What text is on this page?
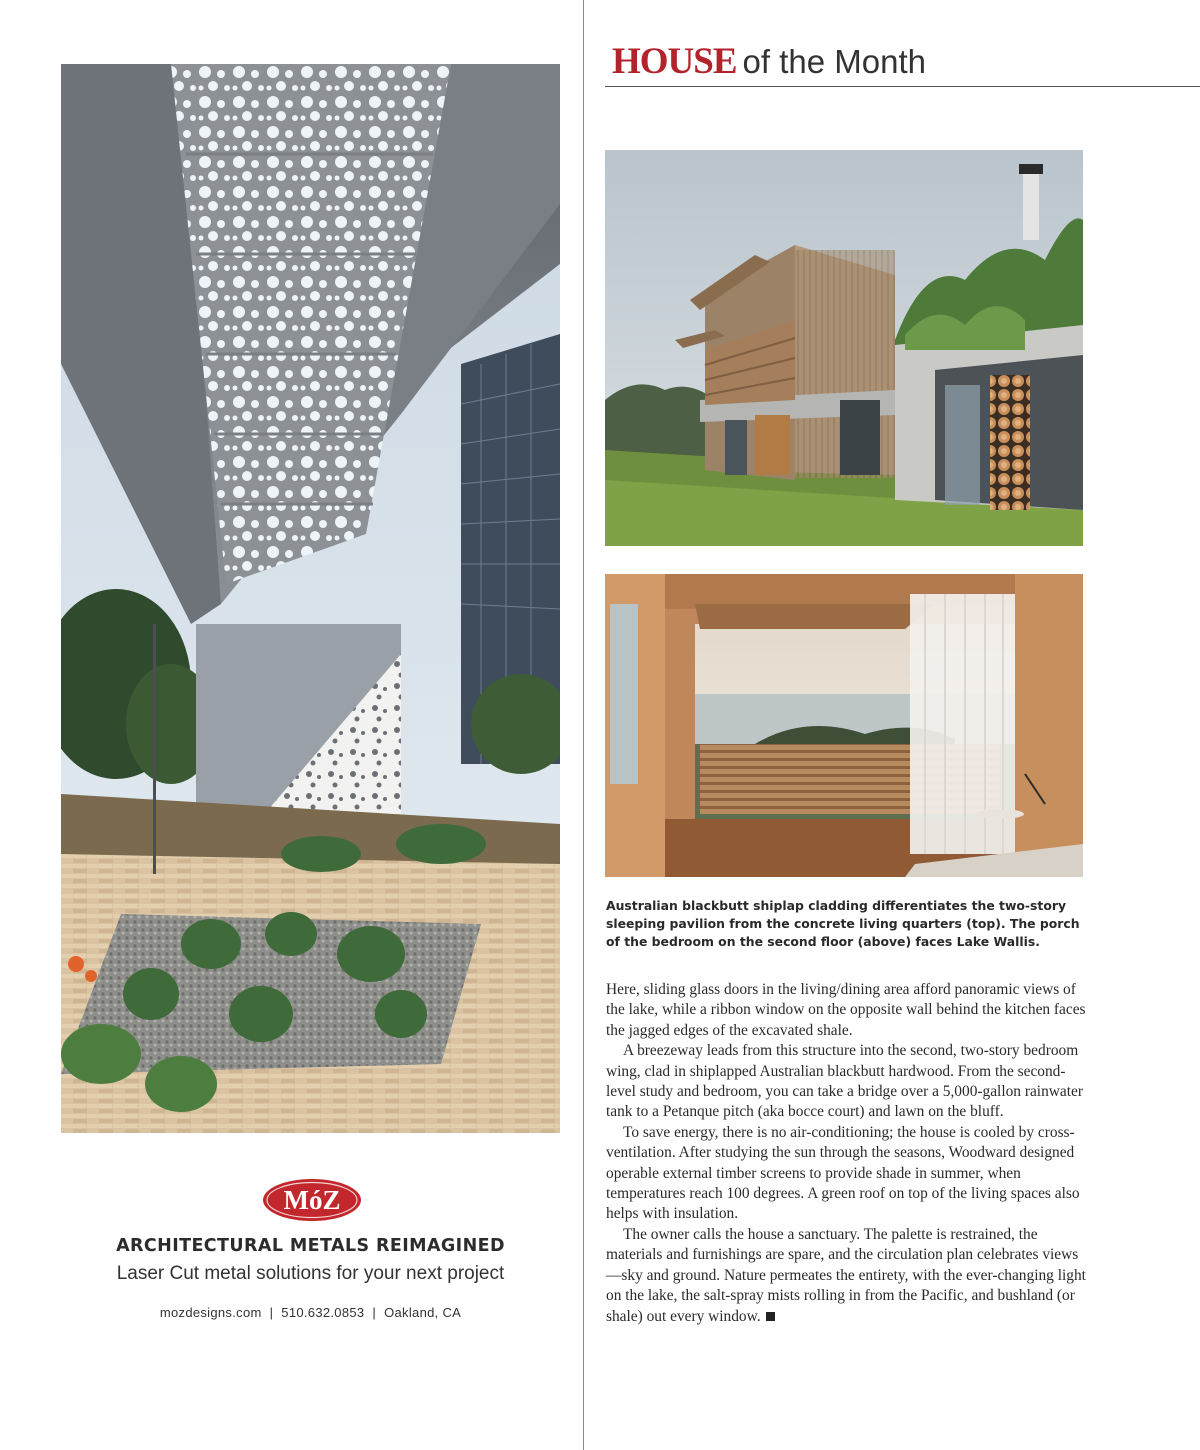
MóZ
ARCHITECTURAL METALS REIMAGINED
Laser Cut metal solutions for your next project
mozdesigns.com | 510.632.0853 | Oakland, CA
HOUSE of the Month
Australian blackbutt shiplap cladding differentiates the two-story sleeping pavilion from the concrete living quarters (top). The porch of the bedroom on the second floor (above) faces Lake Wallis.

Here, sliding glass doors in the living/dining area afford panoramic views of the lake, while a ribbon window on the opposite wall behind the kitchen faces the jagged edges of the excavated shale.

A breezeway leads from this structure into the second, two-story bedroom wing, clad in shiplapped Australian blackbutt hardwood. From the second-level study and bedroom, you can take a bridge over a 5,000-gallon rainwater tank to a Petanque pitch (aka bocce court) and lawn on the bluff.

To save energy, there is no air-conditioning; the house is cooled by cross-ventilation. After studying the sun through the seasons, Woodward designed operable external timber screens to provide shade in summer, when temperatures reach 100 degrees. A green roof on top of the living spaces also helps with insulation.

The owner calls the house a sanctuary. The palette is restrained, the materials and furnishings are spare, and the circulation plan celebrates views—sky and ground. Nature permeates the entirety, with the ever-changing light on the lake, the salt-spray mists rolling in from the Pacific, and bushland (or shale) out every window.
